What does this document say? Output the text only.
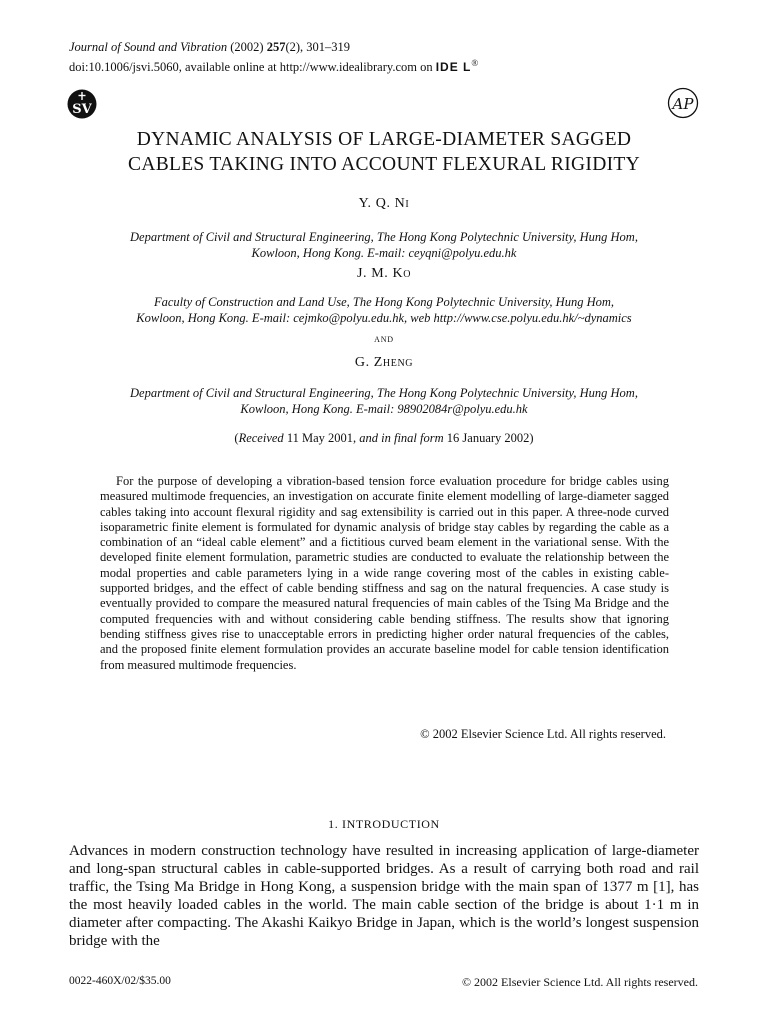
Journal of Sound and Vibration (2002) 257(2), 301–319
doi:10.1006/jsvi.5060, available online at http://www.idealibrary.com on IDE L®
SV	AP
DYNAMIC ANALYSIS OF LARGE-DIAMETER SAGGED
CABLES TAKING INTO ACCOUNT FLEXURAL RIGIDITY
Y. Q. Ni
Department of Civil and Structural Engineering, The Hong Kong Polytechnic University, Hung Hom,
Kowloon, Hong Kong. E-mail: ceyqni@polyu.edu.hk
J. M. Ko
Faculty of Construction and Land Use, The Hong Kong Polytechnic University, Hung Hom,
Kowloon, Hong Kong. E-mail: cejmko@polyu.edu.hk, web http://www.cse.polyu.edu.hk/~dynamics
and
G. Zheng
Department of Civil and Structural Engineering, The Hong Kong Polytechnic University, Hung Hom,
Kowloon, Hong Kong. E-mail: 98902084r@polyu.edu.hk
(Received 11 May 2001, and in final form 16 January 2002)
For the purpose of developing a vibration-based tension force evaluation procedure for bridge cables using measured multimode frequencies, an investigation on accurate finite element modelling of large-diameter sagged cables taking into account flexural rigidity and sag extensibility is carried out in this paper. A three-node curved isoparametric finite element is formulated for dynamic analysis of bridge stay cables by regarding the cable as a combination of an “ideal cable element” and a fictitious curved beam element in the variational sense. With the developed finite element formulation, parametric studies are conducted to evaluate the relationship between the modal properties and cable parameters lying in a wide range covering most of the cables in existing cable-supported bridges, and the effect of cable bending stiffness and sag on the natural frequencies. A case study is eventually provided to compare the measured natural frequencies of main cables of the Tsing Ma Bridge and the computed frequencies with and without considering cable bending stiffness. The results show that ignoring bending stiffness gives rise to unacceptable errors in predicting higher order natural frequencies of the cables, and the proposed finite element formulation provides an accurate baseline model for cable tension identification from measured multimode frequencies.
© 2002 Elsevier Science Ltd. All rights reserved.
1. INTRODUCTION
Advances in modern construction technology have resulted in increasing application of large-diameter and long-span structural cables in cable-supported bridges. As a result of carrying both road and rail traffic, the Tsing Ma Bridge in Hong Kong, a suspension bridge with the main span of 1377 m [1], has the most heavily loaded cables in the world. The main cable section of the bridge is about 1·1 m in diameter after compacting. The Akashi Kaikyo Bridge in Japan, which is the world’s longest suspension bridge with the
0022-460X/02/$35.00	© 2002 Elsevier Science Ltd. All rights reserved.
